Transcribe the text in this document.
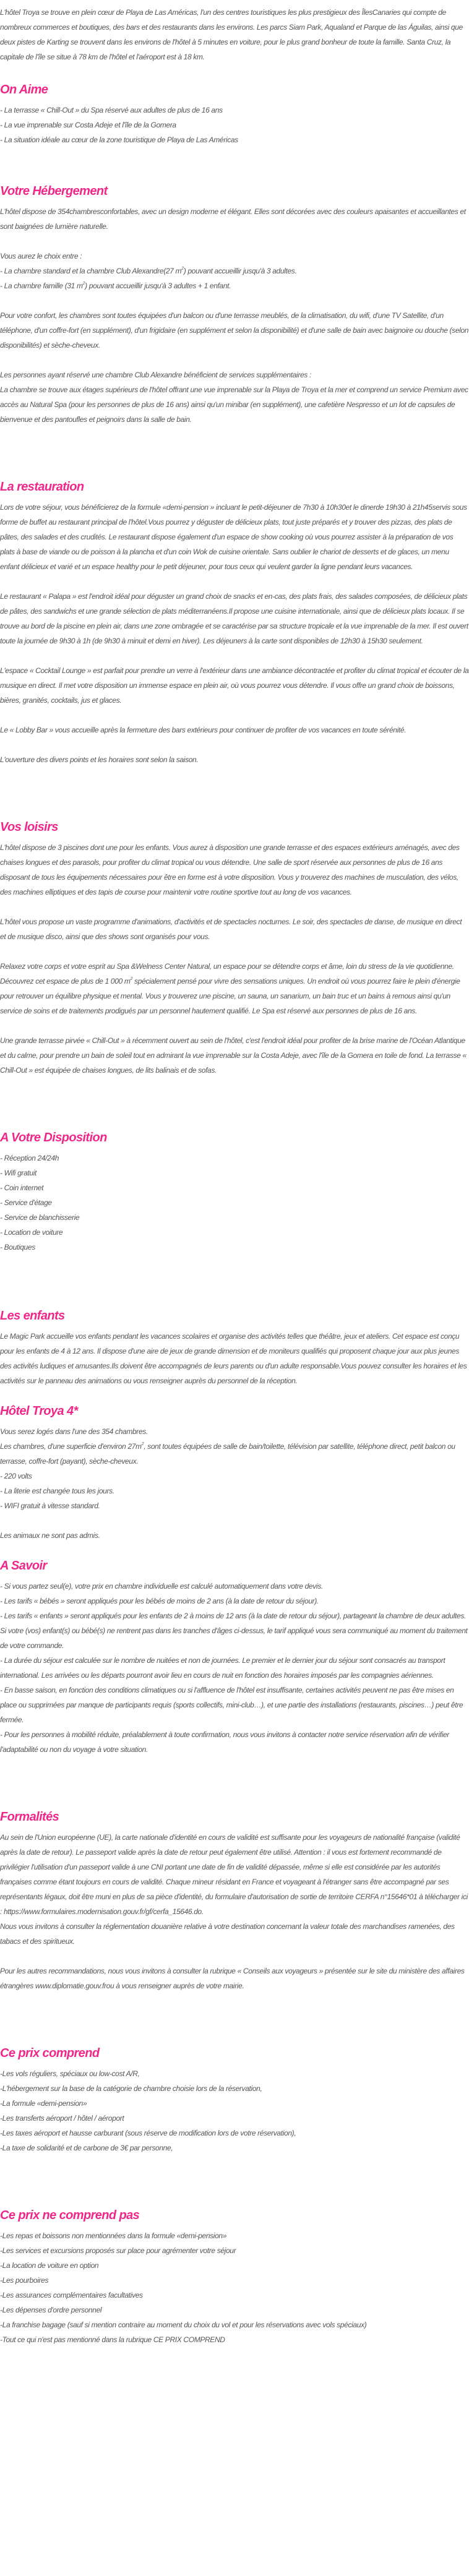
L'hôtel Troya se trouve en plein cœur de Playa de Las Américas, l'un des centres touristiques les plus prestigieux des ÎlesCanaries qui compte de nombreux commerces et boutiques, des bars et des restaurants dans les environs. Les parcs Siam Park, Aqualand et Parque de las Águilas, ainsi que deux pistes de Karting se trouvent dans les environs de l'hôtel à 5 minutes en voiture, pour le plus grand bonheur de toute la famille. Santa Cruz, la capitale de l'île se situe à 78 km de l'hôtel et l'aéroport est à 18 km.

On Aime
- La terrasse « Chill-Out » du Spa réservé aux adultes de plus de 16 ans
- La vue imprenable sur Costa Adeje et l'île de la Gomera
- La situation idéale au cœur de la zone touristique de Playa de Las Américas
Votre Hébergement

L'hôtel dispose de 354chambresconfortables, avec un design moderne et élégant. Elles sont décorées avec des couleurs apaisantes et accueillantes et sont baignées de lumière naturelle.

Vous aurez le choix entre :
- La chambre standard et la chambre Club Alexandre(27 $m^2$) pouvant accueillir jusqu'à 3 adultes.
- La chambre famille (31 $m^2$) pouvant accueillir jusqu'à 3 adultes + 1 enfant.

Pour votre confort, les chambres sont toutes équipées d'un balcon ou d'une terrasse meublés, de la climatisation, du wifi, d'une TV Satellite, d'un téléphone, d'un coffre-fort (en supplément), d'un frigidaire (en supplément et selon la disponibilité) et d'une salle de bain avec baignoire ou douche (selon disponibilités) et sèche-cheveux.

Les personnes ayant réservé une chambre Club Alexandre bénéficient de services supplémentaires :
La chambre se trouve aux étages supérieurs de l'hôtel offrant une vue imprenable sur la Playa de Troya et la mer et comprend un service Premium avec accès au Natural Spa (pour les personnes de plus de 16 ans) ainsi qu'un minibar (en supplément), une cafetière Nespresso et un lot de capsules de bienvenue et des pantoufles et peignoirs dans la salle de bain.

La restauration

Lors de votre séjour, vous bénéficierez de la formule «demi-pension » incluant le petit-déjeuner de 7h30 à 10h30et le dinerde 19h30 à 21h45servis sous forme de buffet au restaurant principal de l'hôtel.Vous pourrez y déguster de délicieux plats, tout juste préparés et y trouver des pizzas, des plats de pâtes, des salades et des crudités. Le restaurant dispose également d'un espace de show cooking où vous pourrez assister à la préparation de vos plats à base de viande ou de poisson à la plancha et d'un coin Wok de cuisine orientale. Sans oublier le chariot de desserts et de glaces, un menu enfant délicieux et varié et un espace healthy pour le petit déjeuner, pour tous ceux qui veulent garder la ligne pendant leurs vacances.

Le restaurant « Palapa » est l'endroit idéal pour déguster un grand choix de snacks et en-cas, des plats frais, des salades composées, de délicieux plats de pâtes, des sandwichs et une grande sélection de plats méditerranéens.Il propose une cuisine internationale, ainsi que de délicieux plats locaux. Il se trouve au bord de la piscine en plein air, dans une zone ombragée et se caractérise par sa structure tropicale et la vue imprenable de la mer. Il est ouvert toute la journée de 9h30 à 1h (de 9h30 à minuit et demi en hiver). Les déjeuners à la carte sont disponibles de 12h30 à 15h30 seulement.

L'espace « Cocktail Lounge » est parfait pour prendre un verre à l'extérieur dans une ambiance décontractée et profiter du climat tropical et écouter de la musique en direct. Il met votre disposition un immense espace en plein air, où vous pourrez vous détendre. Il vous offre un grand choix de boissons, bières, granités, cocktails, jus et glaces.

Le « Lobby Bar » vous accueille après la fermeture des bars extérieurs pour continuer de profiter de vos vacances en toute sérénité.

L'ouverture des divers points et les horaires sont selon la saison.

Vos loisirs

L'hôtel dispose de 3 piscines dont une pour les enfants. Vous aurez à disposition une grande terrasse et des espaces extérieurs aménagés, avec des chaises longues et des parasols, pour profiter du climat tropical ou vous détendre. Une salle de sport réservée aux personnes de plus de 16 ans disposant de tous les équipements nécessaires pour être en forme est à votre disposition. Vous y trouverez des machines de musculation, des vélos, des machines elliptiques et des tapis de course pour maintenir votre routine sportive tout au long de vos vacances.

L'hôtel vous propose un vaste programme d'animations, d'activités et de spectacles nocturnes. Le soir, des spectacles de danse, de musique en direct et de musique disco, ainsi que des shows sont organisés pour vous.

Relaxez votre corps et votre esprit au Spa &Welness Center Natural, un espace pour se détendre corps et âme, loin du stress de la vie quotidienne. Découvrez cet espace de plus de 1 000 $m^2$ spécialement pensé pour vivre des sensations uniques. Un endroit où vous pourrez faire le plein d'énergie pour retrouver un équilibre physique et mental. Vous y trouverez une piscine, un sauna, un sanarium, un bain truc et un bains à remous ainsi qu'un service de soins et de traitements prodigués par un personnel hautement qualifié. Le Spa est réservé aux personnes de plus de 16 ans.

Une grande terrasse pirvée « Chill-Out » à récemment ouvert au sein de l'hôtel, c'est l'endroit idéal pour profiter de la brise marine de l'Océan Atlantique et du calme, pour prendre un bain de soleil tout en admirant la vue imprenable sur la Costa Adeje, avec l'île de la Gomera en toile de fond. La terrasse « Chill-Out » est équipée de chaises longues, de lits balinais et de sofas.

A Votre Disposition
- Réception 24/24h
- Wifi gratuit
- Coin internet
- Service d'étage
- Service de blanchisserie
- Location de voiture
- Boutiques
Les enfants

Le Magic Park accueille vos enfants pendant les vacances scolaires et organise des activités telles que théâtre, jeux et ateliers. Cet espace est conçu pour les enfants de 4 à 12 ans. Il dispose d'une aire de jeux de grande dimension et de moniteurs qualifiés qui proposent chaque jour aux plus jeunes des activités ludiques et amusantes.Ils doivent être accompagnés de leurs parents ou d'un adulte responsable.Vous pouvez consulter les horaires et les activités sur le panneau des animations ou vous renseigner auprès du personnel de la réception.

Hôtel Troya 4*
Vous serez logés dans l'une des 354 chambres.

Les chambres, d'une superficie d'environ $27m^2$, sont toutes équipées de salle de bain/toilette, télévision par satellite, téléphone direct, petit balcon ou terrasse, coffre-fort (payant), sèche-cheveux.

- 220 volts
- La literie est changée tous les jours.
- WIFI gratuit à vitesse standard.

Les animaux ne sont pas admis.

A Savoir

- Si vous partez seul(e), votre prix en chambre individuelle est calculé automatiquement dans votre devis.

- Les tarifs « bébés » seront appliqués pour les bébés de moins de 2 ans (à la date de retour du séjour).

- Les tarifs « enfants » seront appliqués pour les enfants de 2 à moins de 12 ans (à la date de retour du séjour), partageant la chambre de deux adultes.

Si votre (vos) enfant(s) ou bébé(s) ne rentrent pas dans les tranches d'âges ci-dessus, le tarif appliqué vous sera communiqué au moment du traitement de votre commande.

- La durée du séjour est calculée sur le nombre de nuitées et non de journées. Le premier et le dernier jour du séjour sont consacrés au transport international. Les arrivées ou les départs pourront avoir lieu en cours de nuit en fonction des horaires imposés par les compagnies aériennes.

- En basse saison, en fonction des conditions climatiques ou si l'affluence de l'hôtel est insuffisante, certaines activités peuvent ne pas être mises en place ou supprimées par manque de participants requis (sports collectifs, mini-club…), et une partie des installations (restaurants, piscines…) peut être fermée.

- Pour les personnes à mobilité réduite, préalablement à toute confirmation, nous vous invitons à contacter notre service réservation afin de vérifier l'adaptabilité ou non du voyage à votre situation.

Formalités

Au sein de l'Union européenne (UE), la carte nationale d'identité en cours de validité est suffisante pour les voyageurs de nationalité française (validité après la date de retour). Le passeport valide après la date de retour peut également être utilisé. Attention : il vous est fortement recommandé de privilégier l'utilisation d'un passeport valide à une CNI portant une date de fin de validité dépassée, même si elle est considérée par les autorités françaises comme étant toujours en cours de validité. Chaque mineur résidant en France et voyageant à l'étranger sans être accompagné par ses représentants légaux, doit être muni en plus de sa pièce d'identité, du formulaire d'autorisation de sortie de territoire CERFA n°15646*01 à télécharger ici : https://www.formulaires.modernisation.gouv.fr/gf/cerfa_15646.do.

Nous vous invitons à consulter la réglementation douanière relative à votre destination concernant la valeur totale des marchandises ramenées, des tabacs et des spiritueux.

Pour les autres recommandations, nous vous invitons à consulter la rubrique « Conseils aux voyageurs » présentée sur le site du ministère des affaires étrangères www.diplomatie.gouv.frou à vous renseigner auprès de votre mairie.

Ce prix comprend
-Les vols réguliers, spéciaux ou low-cost A/R,
-L'hébergement sur la base de la catégorie de chambre choisie lors de la réservation,
-La formule «demi-pension»
-Les transferts aéroport / hôtel / aéroport
-Les taxes aéroport et hausse carburant (sous réserve de modification lors de votre réservation),
-La taxe de solidarité et de carbone de 3€ par personne,
Ce prix ne comprend pas
-Les repas et boissons non mentionnées dans la formule «demi-pension»
-Les services et excursions proposés sur place pour agrémenter votre séjour
-La location de voiture en option
-Les pourboires
-Les assurances complémentaires facultatives
-Les dépenses d'ordre personnel
-La franchise bagage (sauf si mention contraire au moment du choix du vol et pour les réservations avec vols spéciaux)
-Tout ce qui n'est pas mentionné dans la rubrique CE PRIX COMPREND
